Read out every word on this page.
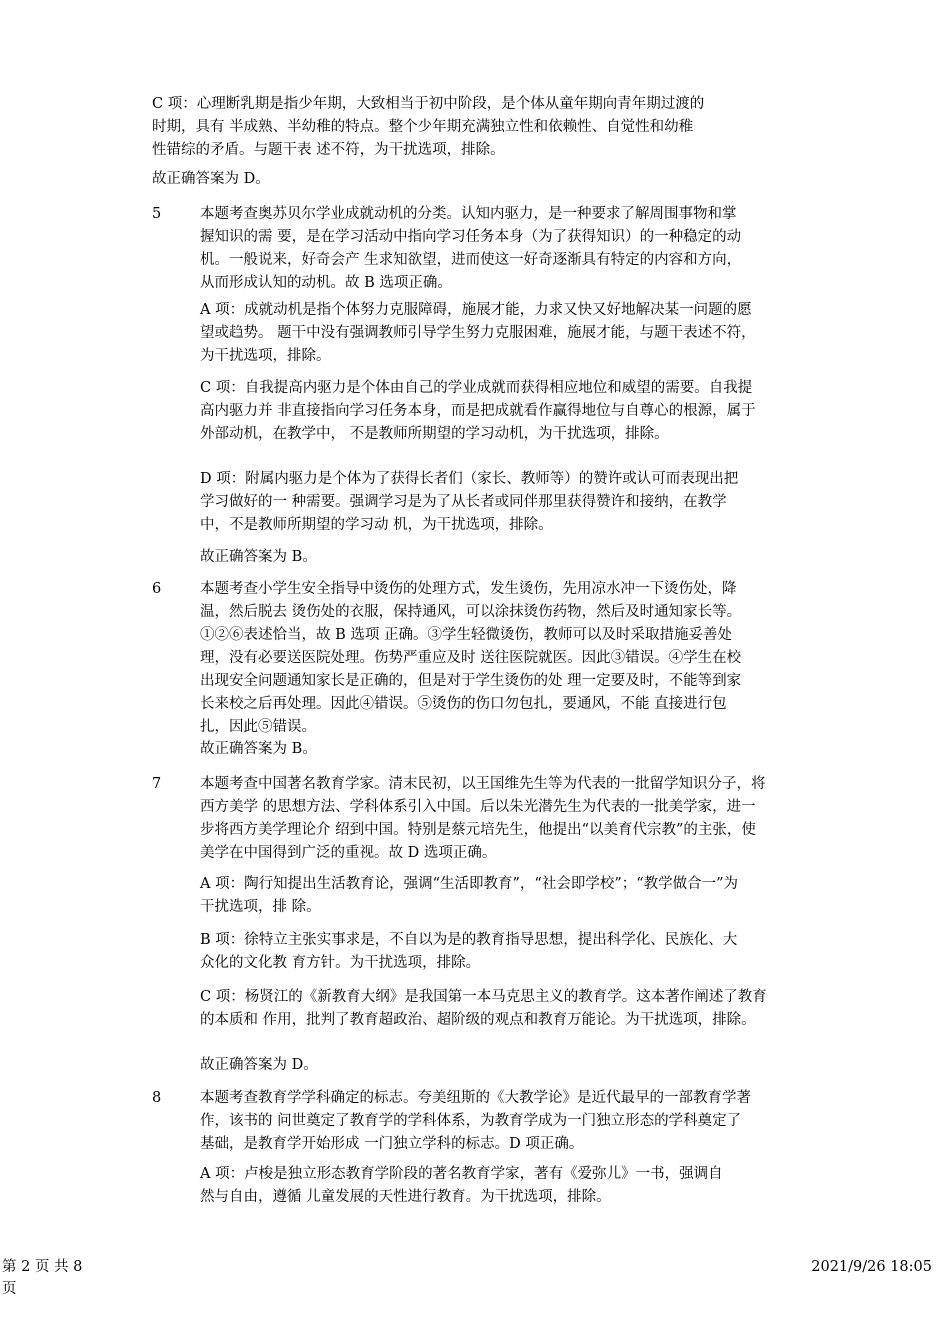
C 项：心理断乳期是指少年期，大致相当于初中阶段，是个体从童年期向青年期过渡的时期，具有 半成熟、半幼稚的特点。整个少年期充满独立性和依赖性、自觉性和幼稚性错综的矛盾。与题干表 述不符，为干扰选项，排除。

故正确答案为 D。

5	本题考查奥苏贝尔学业成就动机的分类。认知内驱力，是一种要求了解周围事物和掌握知识的需 要，是在学习活动中指向学习任务本身（为了获得知识）的一种稳定的动机。一般说来，好奇会产 生求知欲望，进而使这一好奇逐渐具有特定的内容和方向，从而形成认知的动机。故 B 选项正确。

A 项：成就动机是指个体努力克服障碍，施展才能，力求又快又好地解决某一问题的愿望或趋势。 题干中没有强调教师引导学生努力克服困难，施展才能，与题干表述不符，为干扰选项，排除。

C 项：自我提高内驱力是个体由自己的学业成就而获得相应地位和威望的需要。自我提高内驱力并 非直接指向学习任务本身，而是把成就看作赢得地位与自尊心的根源，属于外部动机，在教学中， 不是教师所期望的学习动机，为干扰选项，排除。

D 项：附属内驱力是个体为了获得长者们（家长、教师等）的赞许或认可而表现出把学习做好的一 种需要。强调学习是为了从长者或同伴那里获得赞许和接纳，在教学中，不是教师所期望的学习动 机，为干扰选项，排除。

故正确答案为 B。

6	本题考查小学生安全指导中烫伤的处理方式，发生烫伤，先用凉水冲一下烫伤处，降温，然后脱去 烫伤处的衣服，保持通风，可以涂抹烫伤药物，然后及时通知家长等。①②⑥表述恰当，故 B 选项 正确。③学生轻微烫伤，教师可以及时采取措施妥善处理，没有必要送医院处理。伤势严重应及时 送往医院就医。因此③错误。④学生在校出现安全问题通知家长是正确的，但是对于学生烫伤的处 理一定要及时，不能等到家长来校之后再处理。因此④错误。⑤烫伤的伤口勿包扎，要通风，不能 直接进行包扎，因此⑤错误。

故正确答案为 B。

7	本题考查中国著名教育学家。清末民初，以王国维先生等为代表的一批留学知识分子，将西方美学 的思想方法、学科体系引入中国。后以朱光潜先生为代表的一批美学家，进一步将西方美学理论介 绍到中国。特别是蔡元培先生，他提出“以美育代宗教”的主张，使美学在中国得到广泛的重视。故 D 选项正确。

A 项：陶行知提出生活教育论，强调“生活即教育”，“社会即学校”；“教学做合一”为干扰选项，排 除。

B 项：徐特立主张实事求是，不自以为是的教育指导思想，提出科学化、民族化、大众化的文化教 育方针。为干扰选项，排除。

C 项：杨贤江的《新教育大纲》是我国第一本马克思主义的教育学。这本著作阐述了教育的本质和 作用，批判了教育超政治、超阶级的观点和教育万能论。为干扰选项，排除。

故正确答案为 D。

8	本题考查教育学学科确定的标志。夸美纽斯的《大教学论》是近代最早的一部教育学著作，该书的 问世奠定了教育学的学科体系，为教育学成为一门独立形态的学科奠定了基础，是教育学开始形成 一门独立学科的标志。D 项正确。

A 项：卢梭是独立形态教育学阶段的著名教育学家，著有《爱弥儿》一书，强调自然与自由，遵循 儿童发展的天性进行教育。为干扰选项，排除。

第 2 页 共 8 页
2021/9/26 18:05
